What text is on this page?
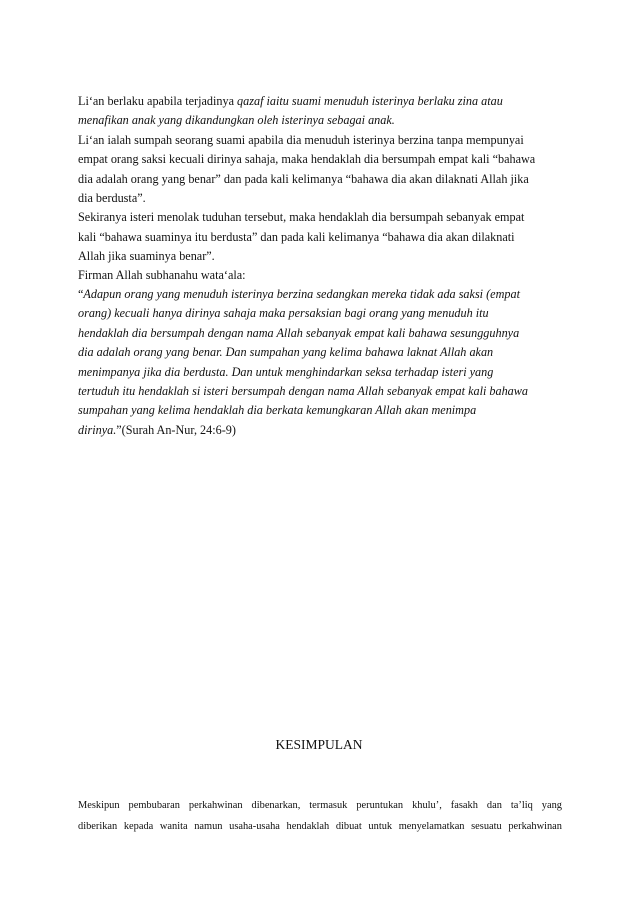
Li‘an berlaku apabila terjadinya qazaf iaitu suami menuduh isterinya berlaku zina atau

menafikan anak yang dikandungkan oleh isterinya sebagai anak.

Li‘an ialah sumpah seorang suami apabila dia menuduh isterinya berzina tanpa mempunyai

empat orang saksi kecuali dirinya sahaja, maka hendaklah dia bersumpah empat kali “bahawa

dia adalah orang yang benar” dan pada kali kelimanya “bahawa dia akan dilaknati Allah jika

dia berdusta”.

Sekiranya isteri menolak tuduhan tersebut, maka hendaklah dia bersumpah sebanyak empat

kali “bahawa suaminya itu berdusta” dan pada kali kelimanya “bahawa dia akan dilaknati

Allah jika suaminya benar”.

Firman Allah subhanahu wata‘ala:

“Adapun orang yang menuduh isterinya berzina sedangkan mereka tidak ada saksi (empat

orang) kecuali hanya dirinya sahaja maka persaksian bagi orang yang menuduh itu

hendaklah dia bersumpah dengan nama Allah sebanyak empat kali bahawa sesungguhnya

dia adalah orang yang benar. Dan sumpahan yang kelima bahawa laknat Allah akan

menimpanya jika dia berdusta. Dan untuk menghindarkan seksa terhadap isteri yang

tertuduh itu hendaklah si isteri bersumpah dengan nama Allah sebanyak empat kali bahawa

sumpahan yang kelima hendaklah dia berkata kemungkaran Allah akan menimpa

dirinya.”(Surah An-Nur, 24:6-9)

KESIMPULAN

Meskipun pembubaran perkahwinan dibenarkan, termasuk peruntukan khulu’, fasakh dan ta’liq yang

diberikan kepada wanita namun usaha-usaha hendaklah dibuat untuk menyelamatkan sesuatu perkahwinan
